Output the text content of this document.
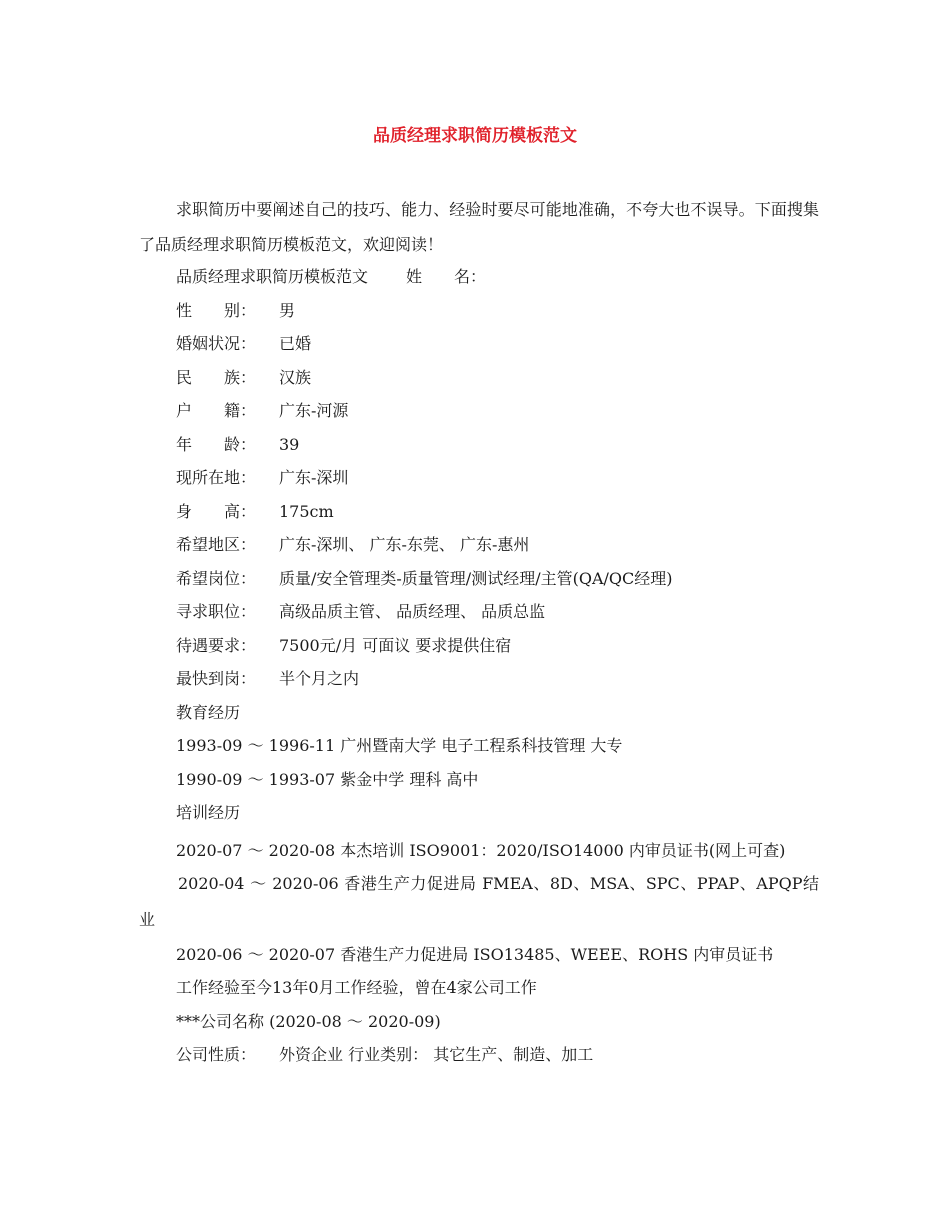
品质经理求职简历模板范文
求职简历中要阐述自己的技巧、能力、经验时要尽可能地准确，不夸大也不误导。下面搜集了品质经理求职简历模板范文，欢迎阅读！
品质经理求职简历模板范文 姓　　名：
性　　别： 男
婚姻状况： 已婚
民　　族： 汉族
户　　籍： 广东-河源
年　　龄： 39
现所在地： 广东-深圳
身　　高： 175cm
希望地区： 广东-深圳、 广东-东莞、 广东-惠州
希望岗位： 质量/安全管理类-质量管理/测试经理/主管(QA/QC经理)
寻求职位： 高级品质主管、 品质经理、 品质总监
待遇要求： 7500元/月 可面议 要求提供住宿
最快到岗： 半个月之内
教育经历
1993-09 ～ 1996-11 广州暨南大学 电子工程系科技管理 大专
1990-09 ～ 1993-07 紫金中学 理科 高中
培训经历
2020-07 ～ 2020-08 本杰培训 ISO9001：2020/ISO14000 内审员证书(网上可查)
2020-04 ～ 2020-06 香港生产力促进局 FMEA、8D、MSA、SPC、PPAP、APQP结业
2020-06 ～ 2020-07 香港生产力促进局 ISO13485、WEEE、ROHS 内审员证书
工作经验至今13年0月工作经验，曾在4家公司工作
***公司名称 (2020-08 ～ 2020-09)
公司性质： 外资企业 行业类别： 其它生产、制造、加工
